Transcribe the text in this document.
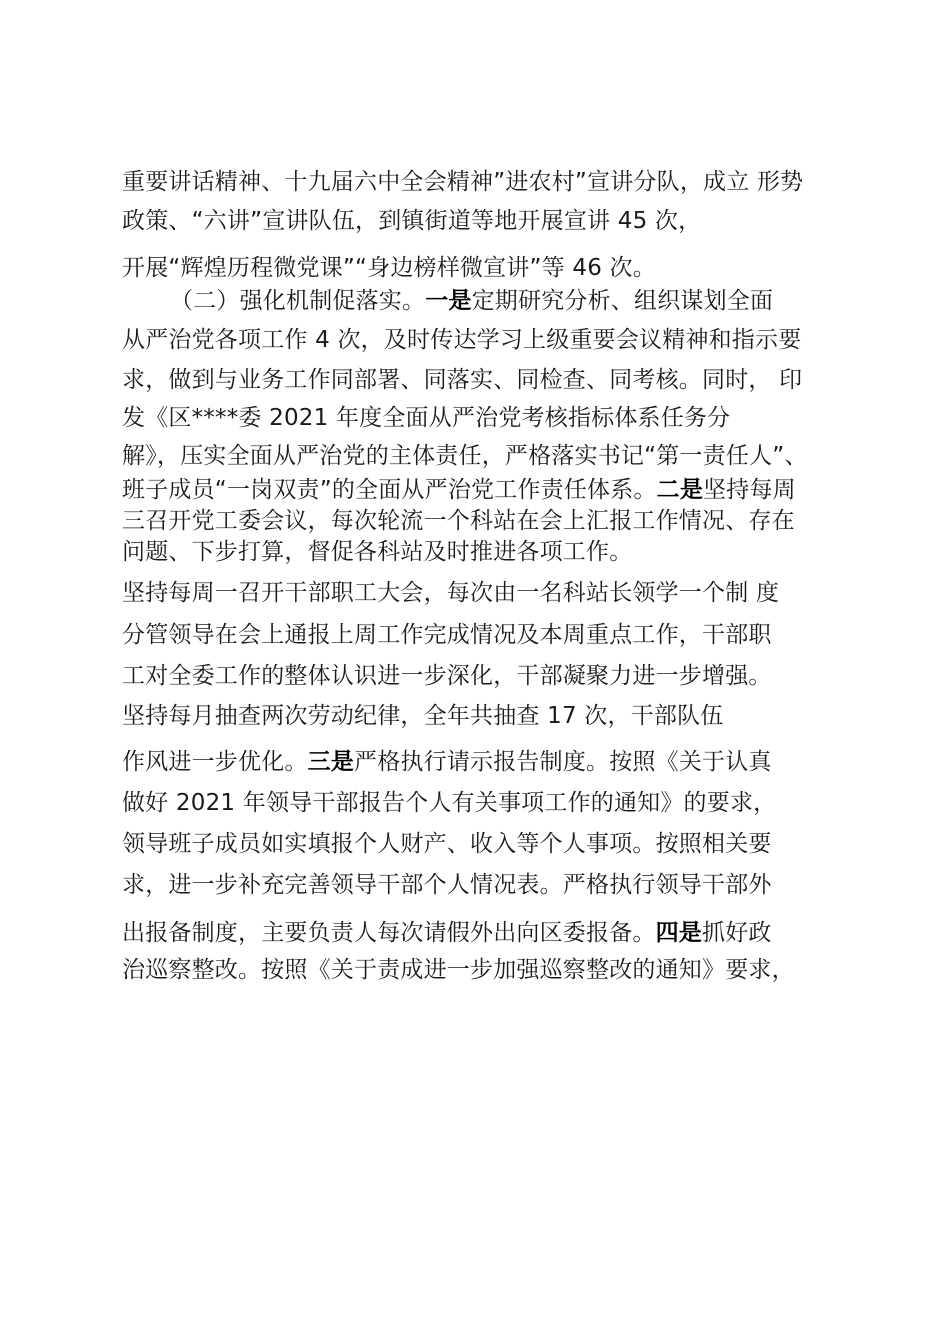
重要讲话精神、十九届六中全会精神”进农村”宣讲分队，成立 形势

政策、“六讲”宣讲队伍，到镇街道等地开展宣讲 45 次，

开展“辉煌历程微党课”“身边榜样微宣讲”等 46 次。

（二）强化机制促落实。一是定期研究分析、组织谋划全面

从严治党各项工作 4 次，及时传达学习上级重要会议精神和指示要

求，做到与业务工作同部署、同落实、同检查、同考核。同时， 印

发《区****委 2021 年度全面从严治党考核指标体系任务分

解》，压实全面从严治党的主体责任，严格落实书记“第一责任人”、

班子成员“一岗双责”的全面从严治党工作责任体系。二是坚持每周

三召开党工委会议，每次轮流一个科站在会上汇报工作情况、存在

问题、下步打算，督促各科站及时推进各项工作。

坚持每周一召开干部职工大会，每次由一名科站长领学一个制 度

分管领导在会上通报上周工作完成情况及本周重点工作，干部职

工对全委工作的整体认识进一步深化，干部凝聚力进一步增强。

坚持每月抽查两次劳动纪律，全年共抽查 17 次，干部队伍

作风进一步优化。三是严格执行请示报告制度。按照《关于认真

做好 2021 年领导干部报告个人有关事项工作的通知》的要求，

领导班子成员如实填报个人财产、收入等个人事项。按照相关要

求，进一步补充完善领导干部个人情况表。严格执行领导干部外

出报备制度，主要负责人每次请假外出向区委报备。四是抓好政

治巡察整改。按照《关于责成进一步加强巡察整改的通知》要求，
